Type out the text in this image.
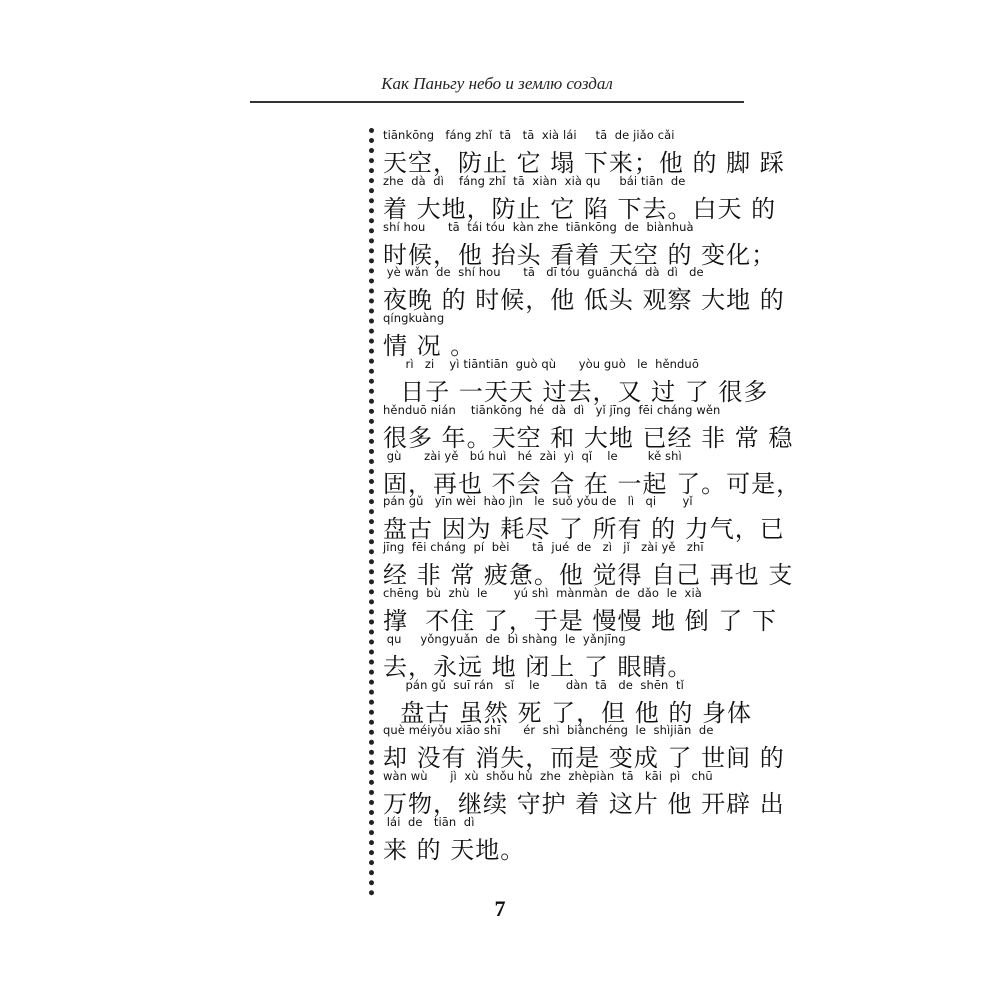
Как Паньгу небо и землю создал
tiānkōng   fáng zhǐ  tā   tā  xià lái     tā  de jiǎo cǎi
天空，防止 它 塌 下来；他 的 脚 踩
zhe  dà  dì    fáng zhǐ  tā  xiàn  xià qu     bái tiān  de
着 大地，防止 它 陷 下去。白天 的
shí hou      tā  tái tóu  kàn zhe  tiānkōng  de  biànhuà
时候，他 抬头 看着 天空 的 变化；
yè wǎn  de  shí hou      tā   dī tóu  guānchá  dà  dì   de
夜晚 的 时候，他 低头 观察 大地 的
qíngkuàng
情 况 。
rì   zi    yì tiāntiān  guò qù      yòu guò   le  hěnduō
日子 一天天 过去，又 过 了 很多
hěnduō nián    tiānkōng  hé  dà  dì   yǐ jīng  fēi cháng wěn
很多 年。天空 和 大地 已经 非 常 稳
gù      zài yě   bú huì   hé  zài  yì  qǐ    le        kě shì
固，再也 不会 合 在 一起 了。可是，
pán gǔ   yīn wèi  hào jìn   le  suǒ yǒu de   lì   qi       yǐ
盘古 因为 耗尽 了 所有 的 力气，已
jīng  fēi cháng  pí  bèi      tā  jué  de   zì   jǐ   zài yě   zhī
经 非 常 疲惫。他 觉得 自己 再也 支
chēng  bù  zhù  le       yú shì  mànmàn  de  dǎo  le  xià
撑  不住 了，于是 慢慢 地 倒 了 下
qu     yǒngyuǎn  de  bì shàng  le  yǎnjīng
去，永远 地 闭上 了 眼睛。
pán gǔ  suī rán   sǐ    le       dàn  tā   de  shēn  tǐ
盘古 虽然 死 了，但 他 的 身体
què méiyǒu xiāo shī      ér  shì  biànchéng  le  shìjiān  de
却 没有 消失，而是 变成 了 世间 的
wàn wù      jì  xù  shǒu hù  zhe  zhèpiàn  tā   kāi  pì   chū
万物，继续 守护 着 这片 他 开辟 出
lái  de   tiān  dì
来 的 天地。
7
